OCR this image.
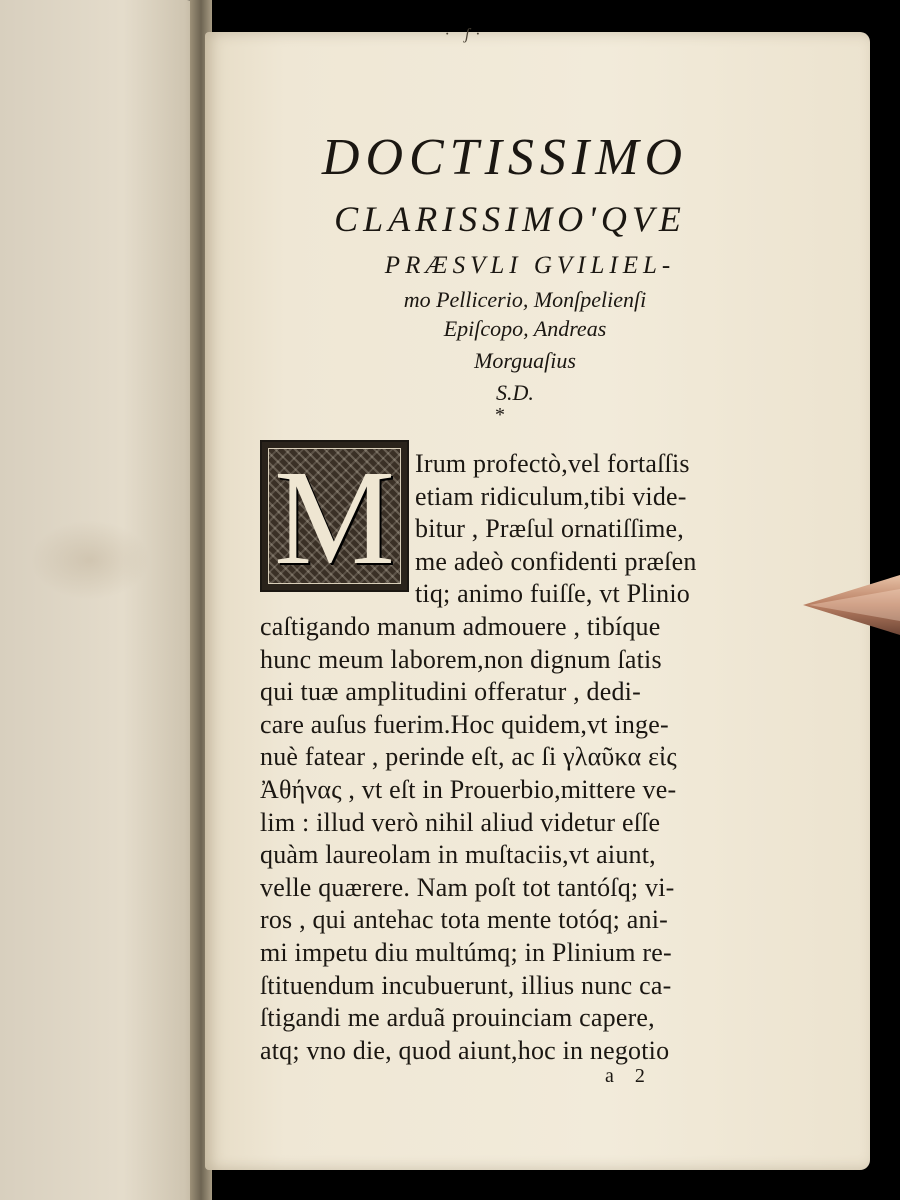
· ʃ·
DOCTISSIMO
CLARISSIMO'QVE
PRÆSVLI GVILIEL-
mo Pellicerio, Monſpelienſi
Epiſcopo, Andreas
Morguaſius
S.D.
*
M Irum profectò,vel fortaſſis
etiam ridiculum,tibi vide-
bitur , Præſul ornatiſſime,
me adeò confidenti præſen
tiq; animo fuiſſe, vt Plinio
caſtigando manum admouere , tibíque
hunc meum laborem,non dignum ſatis
qui tuæ amplitudini offeratur , dedi-
care auſus fuerim.Hoc quidem,vt inge-
nuè fatear , perinde eſt, ac ſi γλαῦκα εἰς
Ἀθήνας , vt eſt in Prouerbio,mittere ve-
lim : illud verò nihil aliud videtur eſſe
quàm laureolam in muſtaciis,vt aiunt,
velle quærere. Nam poſt tot tantóſq; vi-
ros , qui antehac tota mente totóq; ani-
mi impetu diu multúmq; in Plinium re-
ſtituendum incubuerunt, illius nunc ca-
ſtigandi me arduã prouinciam capere,
atq; vno die, quod aiunt,hoc in negotio
a 2
